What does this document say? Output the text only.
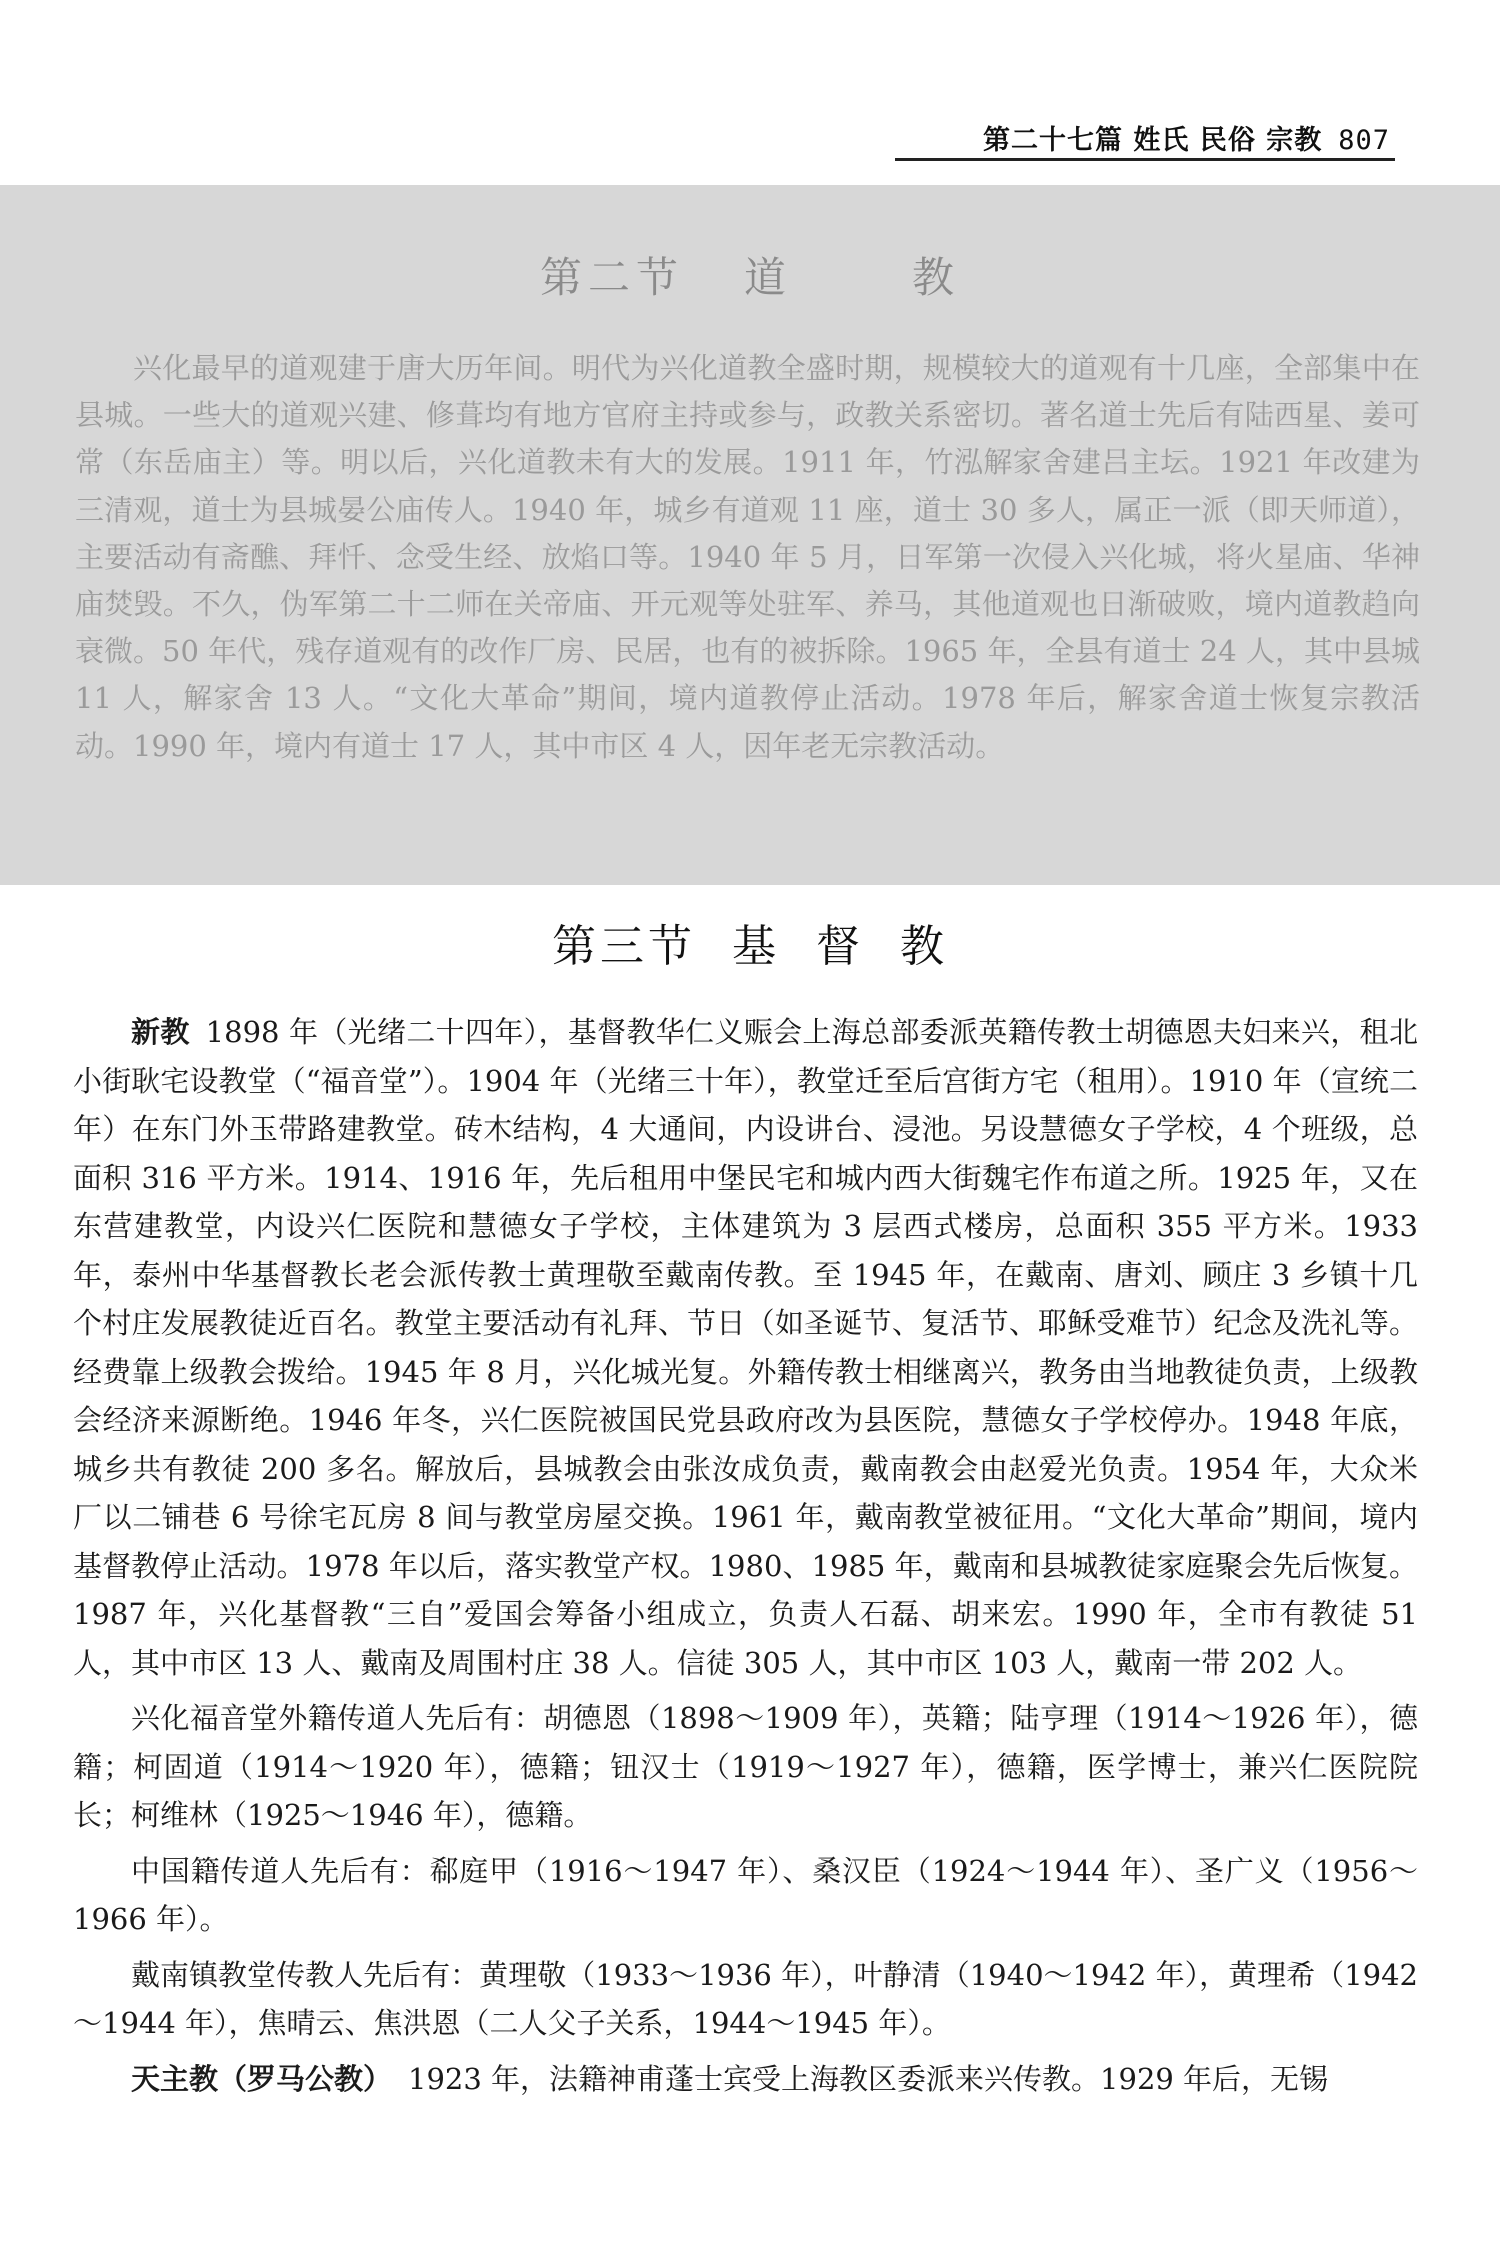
第二十七篇 姓氏 民俗 宗教 807
第二节 道	教

兴化最早的道观建于唐大历年间。明代为兴化道教全盛时期，规模较大的道观有十几座，全部集中在县城。一些大的道观兴建、修葺均有地方官府主持或参与，政教关系密切。著名道士先后有陆西星、姜可常（东岳庙主）等。明以后，兴化道教未有大的发展。1911 年，竹泓解家舍建吕主坛。1921 年改建为三清观，道士为县城晏公庙传人。1940 年，城乡有道观 11 座，道士 30 多人，属正一派（即天师道），主要活动有斋醮、拜忏、念受生经、放焰口等。1940 年 5 月，日军第一次侵入兴化城，将火星庙、华神庙焚毁。不久，伪军第二十二师在关帝庙、开元观等处驻军、养马，其他道观也日渐破败，境内道教趋向衰微。50 年代，残存道观有的改作厂房、民居，也有的被拆除。1965 年，全县有道士 24 人，其中县城 11 人，解家舍 13 人。“文化大革命”期间，境内道教停止活动。1978 年后，解家舍道士恢复宗教活动。1990 年，境内有道士 17 人，其中市区 4 人，因年老无宗教活动。

第三节 基 督 教

新教 1898 年（光绪二十四年），基督教华仁义赈会上海总部委派英籍传教士胡德恩夫妇来兴，租北小街耿宅设教堂（“福音堂”）。1904 年（光绪三十年），教堂迁至后宫街方宅（租用）。1910 年（宣统二年）在东门外玉带路建教堂。砖木结构，4 大通间，内设讲台、浸池。另设慧德女子学校，4 个班级，总面积 316 平方米。1914、1916 年，先后租用中堡民宅和城内西大街魏宅作布道之所。1925 年，又在东营建教堂，内设兴仁医院和慧德女子学校，主体建筑为 3 层西式楼房，总面积 355 平方米。1933 年，泰州中华基督教长老会派传教士黄理敬至戴南传教。至 1945 年，在戴南、唐刘、顾庄 3 乡镇十几个村庄发展教徒近百名。教堂主要活动有礼拜、节日（如圣诞节、复活节、耶稣受难节）纪念及洗礼等。经费靠上级教会拨给。1945 年 8 月，兴化城光复。外籍传教士相继离兴，教务由当地教徒负责，上级教会经济来源断绝。1946 年冬，兴仁医院被国民党县政府改为县医院，慧德女子学校停办。1948 年底，城乡共有教徒 200 多名。解放后，县城教会由张汝成负责，戴南教会由赵爱光负责。1954 年，大众米厂以二铺巷 6 号徐宅瓦房 8 间与教堂房屋交换。1961 年，戴南教堂被征用。“文化大革命”期间，境内基督教停止活动。1978 年以后，落实教堂产权。1980、1985 年，戴南和县城教徒家庭聚会先后恢复。1987 年，兴化基督教“三自”爱国会筹备小组成立，负责人石磊、胡来宏。1990 年，全市有教徒 51 人，其中市区 13 人、戴南及周围村庄 38 人。信徒 305 人，其中市区 103 人，戴南一带 202 人。

兴化福音堂外籍传道人先后有：胡德恩（1898～1909 年），英籍；陆亨理（1914～1926 年），德籍；柯固道（1914～1920 年），德籍；钮汉士（1919～1927 年），德籍，医学博士，兼兴仁医院院长；柯维林（1925～1946 年），德籍。

中国籍传道人先后有：郗庭甲（1916～1947 年）、桑汉臣（1924～1944 年）、圣广义（1956～1966 年）。

戴南镇教堂传教人先后有：黄理敬（1933～1936 年），叶静清（1940～1942 年），黄理希（1942～1944 年），焦晴云、焦洪恩（二人父子关系，1944～1945 年）。

天主教（罗马公教） 1923 年，法籍神甫蓬士宾受上海教区委派来兴传教。1929 年后，无锡
